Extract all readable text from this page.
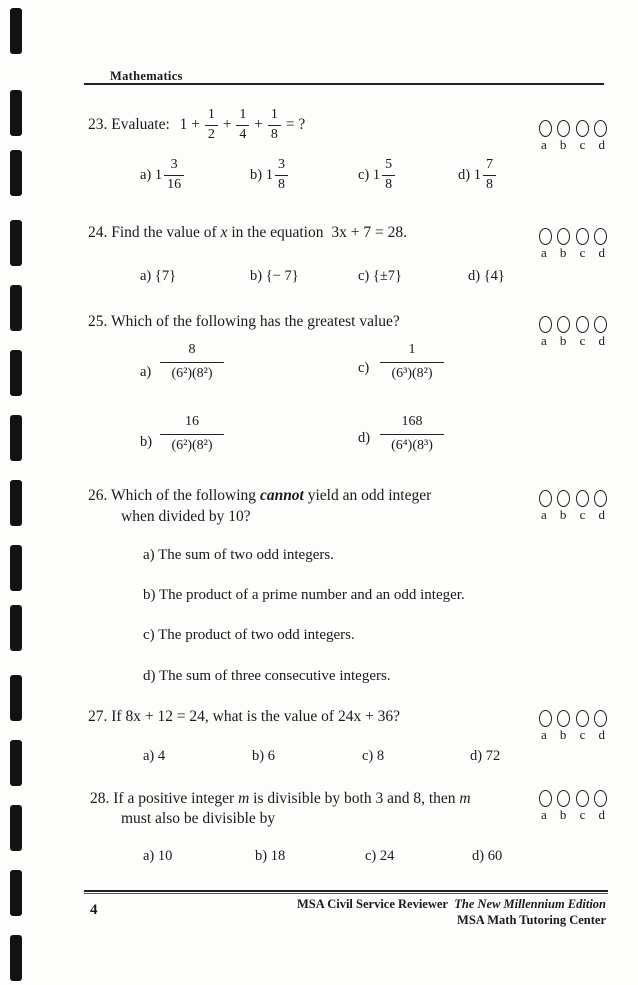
Mathematics
23. Evaluate: $1 + \frac{1}{2} + \frac{1}{4} + \frac{1}{8}$ = ?
a b c d
a)
$1 \frac{3}{16}$	b)
$1 \frac{3}{8}$	c)
$1 \frac{5}{8}$	d)
$1 \frac{7}{8}$
24. Find the value of x in the equation 3x + 7 = 28.
a b c d
a) {7}	b) {− 7}	c) {±7}	d) {4}
25. Which of the following has the greatest value?
a b c d
a)
8
(6²)(8²)	c)
1
(6³)(8²)
b)
16
(6²)(8²)	d)
168
(6⁴)(8³)
26. Which of the following cannot yield an odd integer
when divided by 10?	a b c d
a) The sum of two odd integers.
b) The product of a prime number and an odd integer.
c) The product of two odd integers.
d) The sum of three consecutive integers.
27. If 8x + 12 = 24, what is the value of 24x + 36?
a b c d
a) 4	b) 6	c) 8	d) 72
28. If a positive integer m is divisible by both 3 and 8, then m
must also be divisible by	a b c d
a) 10	b) 18	c) 24	d) 60
4	MSA Civil Service Reviewer The New Millennium Edition
MSA Math Tutoring Center
